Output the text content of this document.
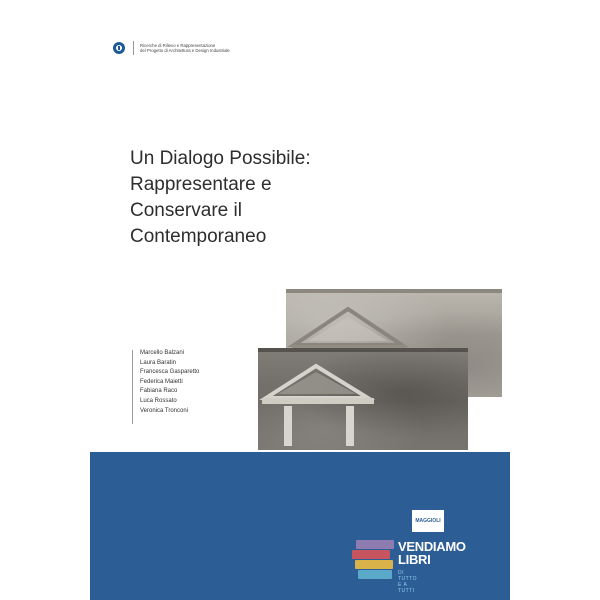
Ricerche di Rilievo e Rappresentazione
del Progetto di Architettura e Design Industriale
Un Dialogo Possibile:
Rappresentare e
Conservare il
Contemporaneo
Marcello Balzani
Laura Baratin
Francesca Gasparetto
Federica Maietti
Fabiana Raco
Luca Rossato
Veronica Tronconi
MAGGIOLI
VENDIAMO
LIBRI
DI TUTTO E A TUTTI
